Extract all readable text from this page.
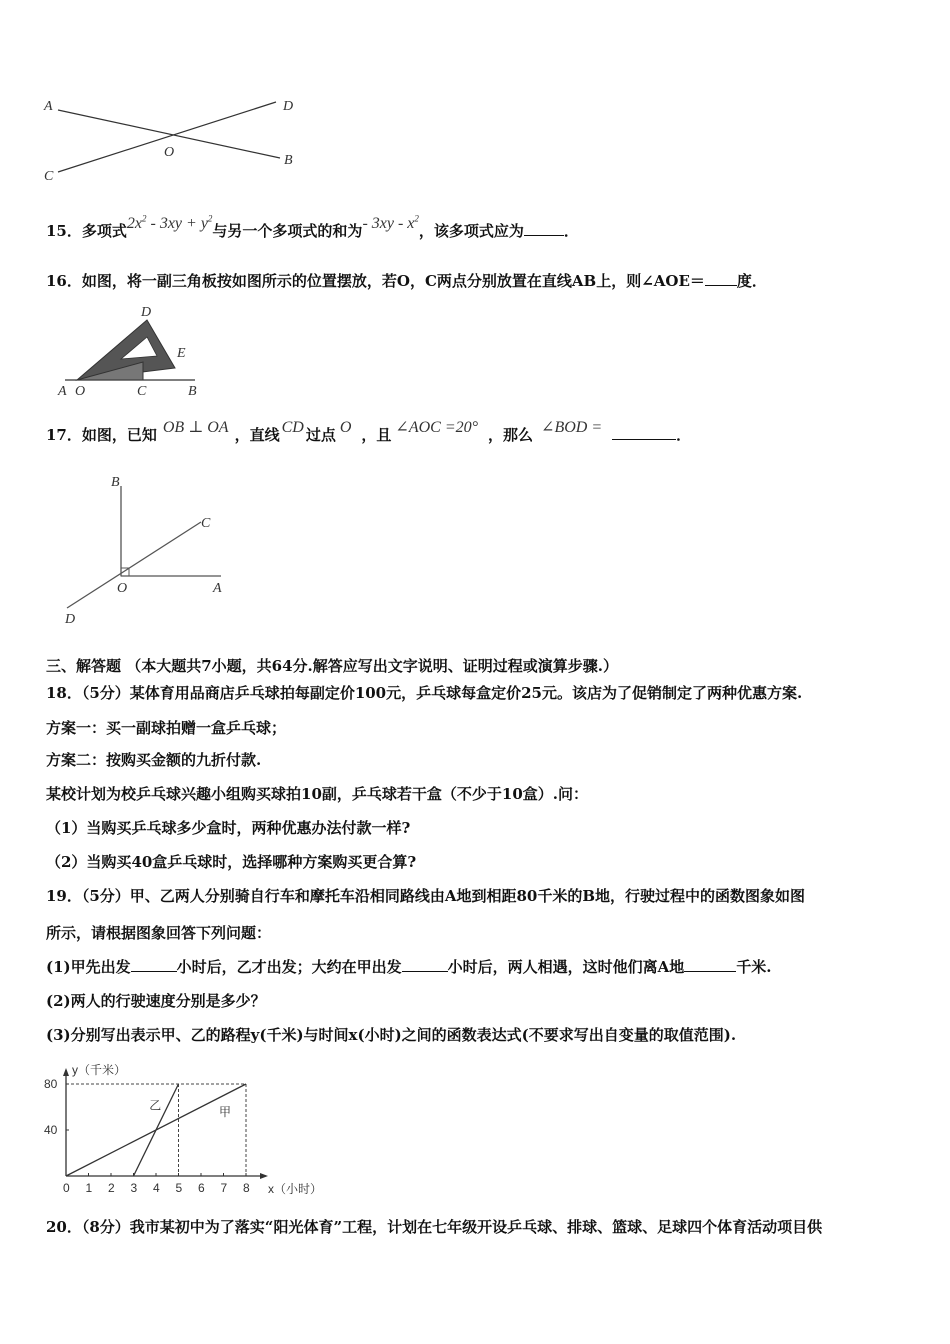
A	D
O
C
B
15．多项式$2x^2 - 3xy + y^2$与另一个多项式的和为- $3xy - x^2$，该多项式应为	．
16．如图，将一副三角板按如图所示的位置摆放，若O，C两点分别放置在直线AB上，则∠AOE＝ 度．
D
E
A O	C	B
17．如图，已知 OB ⊥ OA ，直线 CD 过点 O ，且 ∠AOC =20° ，那么 ∠BOD =	．
B
C
O	A
D
三、解答题 （本大题共7小题，共64分.解答应写出文字说明、证明过程或演算步骤.）
18．（5分）某体育用品商店乒乓球拍每副定价100元，乒乓球每盒定价25元。该店为了促销制定了两种优惠方案.
方案一：买一副球拍赠一盒乒乓球；
方案二：按购买金额的九折付款.
某校计划为校乒乓球兴趣小组购买球拍10副，乒乓球若干盒（不少于10盒）.问：
（1）当购买乒乓球多少盒时，两种优惠办法付款一样?
（2）当购买40盒乒乓球时，选择哪种方案购买更合算?
19．（5分）甲、乙两人分别骑自行车和摩托车沿相同路线由A地到相距80千米的B地，行驶过程中的函数图象如图
所示，请根据图象回答下列问题：
(1)甲先出发	小时后，乙才出发；大约在甲出发	小时后，两人相遇，这时他们离A地	千米.
(2)两人的行驶速度分别是多少？
(3)分别写出表示甲、乙的路程y(千米)与时间x(小时)之间的函数表达式(不要求写出自变量的取值范围).
0 1 2 3 4 5 6 7 8
40
80
y（千米）
x（小时）
乙	甲
20．（8分）我市某初中为了落实“阳光体育”工程，计划在七年级开设乒乓球、排球、篮球、足球四个体育活动项目供
